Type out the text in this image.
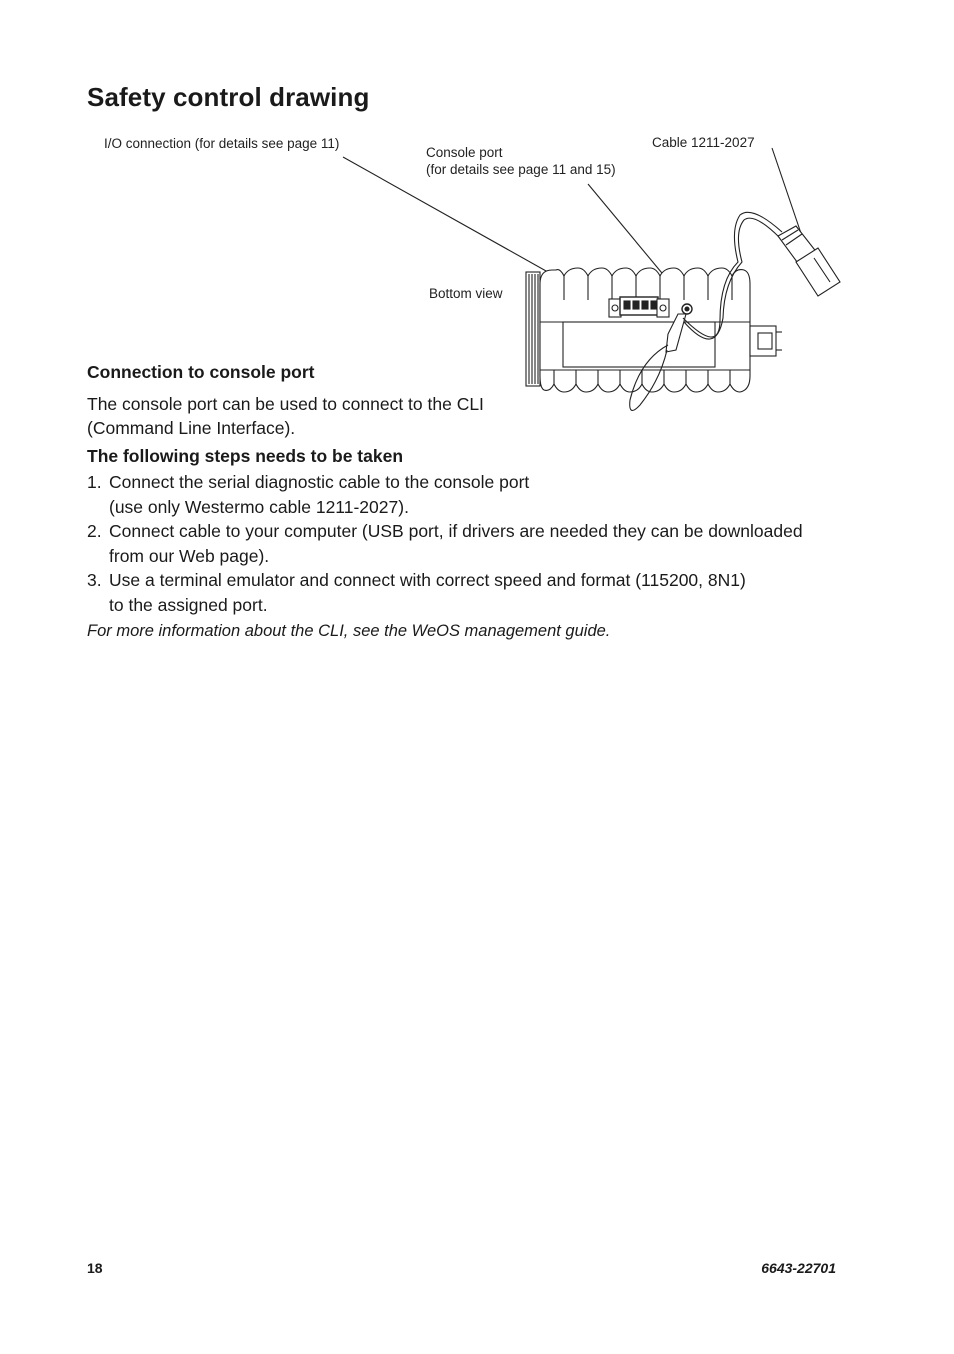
Safety control drawing
I/O connection (for details see page 11)
Console port
(for details see page 11 and 15)
Cable 1211-2027
Bottom view
Connection to console port

The console port can be used to connect to the CLI
(Command Line Interface).

The following steps needs to be taken
1. Connect the serial diagnostic cable to the console port
(use only Westermo cable 1211-2027).
2. Connect cable to your computer (USB port, if drivers are needed they can be downloaded
from our Web page).
3. Use a terminal emulator and connect with correct speed and format (115200, 8N1)
to the assigned port.

For more information about the CLI, see the WeOS management guide.

18	6643-22701
